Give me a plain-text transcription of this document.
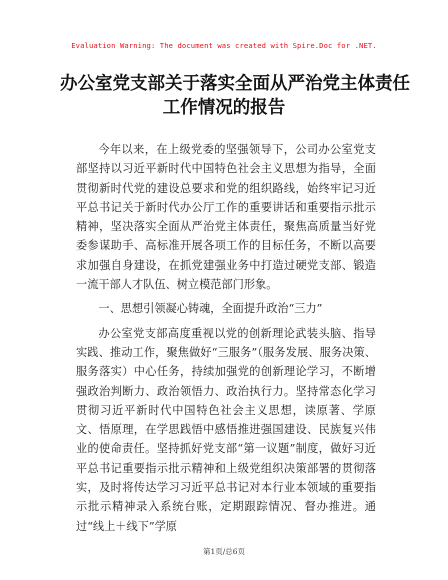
Evaluation Warning: The document was created with Spire.Doc for .NET.
办公室党支部关于落实全面从严治党主体责任
工作情况的报告

今年以来，在上级党委的坚强领导下，公司办公室党支部坚持以习近平新时代中国特色社会主义思想为指导，全面贯彻新时代党的建设总要求和党的组织路线，始终牢记习近平总书记关于新时代办公厅工作的重要讲话和重要指示批示精神，坚决落实全面从严治党主体责任，聚焦高质量当好党委参谋助手、高标准开展各项工作的目标任务，不断以高要求加强自身建设，在抓党建强业务中打造过硬党支部、锻造一流干部人才队伍、树立模范部门形象。

一、思想引领凝心铸魂，全面提升政治“三力”

办公室党支部高度重视以党的创新理论武装头脑、指导实践、推动工作，聚焦做好“三服务”（服务发展、服务决策、服务落实）中心任务，持续加强党的创新理论学习，不断增强政治判断力、政治领悟力、政治执行力。坚持常态化学习贯彻习近平新时代中国特色社会主义思想，读原著、学原文、悟原理，在学思践悟中感悟推进强国建设、民族复兴伟业的使命责任。坚持抓好党支部“第一议题”制度，做好习近平总书记重要指示批示精神和上级党组织决策部署的贯彻落实，及时将传达学习习近平总书记对本行业本领域的重要指示批示精神录入系统台账，定期跟踪情况、督办推进。通过“线上＋线下”学原

第1页/总6页
